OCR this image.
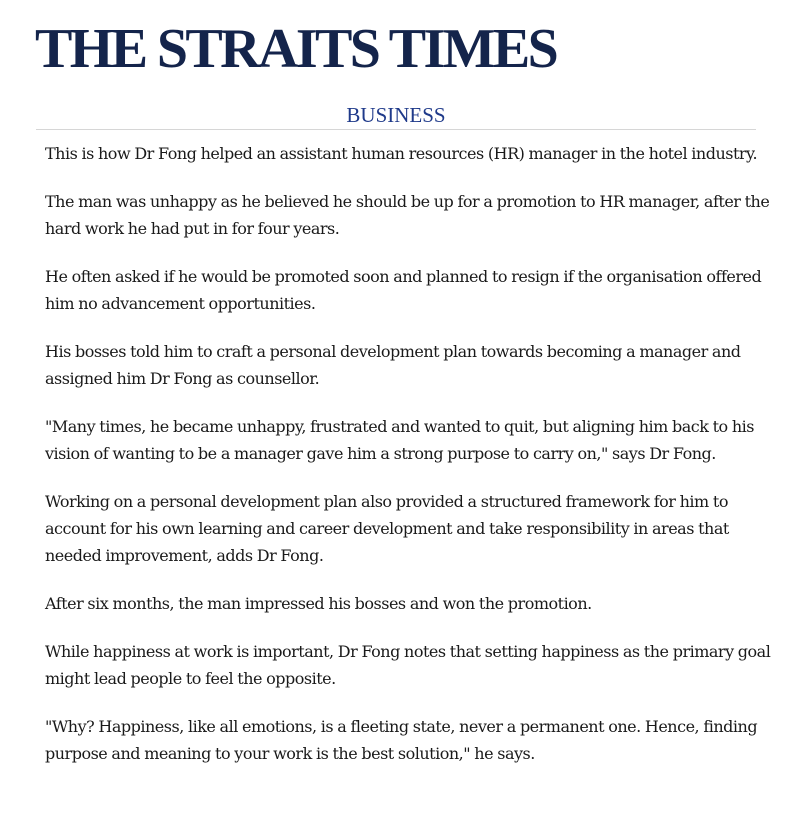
THE STRAITS TIMES
BUSINESS

This is how Dr Fong helped an assistant human resources (HR) manager in the hotel industry.

The man was unhappy as he believed he should be up for a promotion to HR manager, after the hard work he had put in for four years.

He often asked if he would be promoted soon and planned to resign if the organisation offered him no advancement opportunities.

His bosses told him to craft a personal development plan towards becoming a manager and assigned him Dr Fong as counsellor.

"Many times, he became unhappy, frustrated and wanted to quit, but aligning him back to his vision of wanting to be a manager gave him a strong purpose to carry on," says Dr Fong.

Working on a personal development plan also provided a structured framework for him to account for his own learning and career development and take responsibility in areas that needed improvement, adds Dr Fong.

After six months, the man impressed his bosses and won the promotion.

While happiness at work is important, Dr Fong notes that setting happiness as the primary goal might lead people to feel the opposite.

"Why? Happiness, like all emotions, is a fleeting state, never a permanent one. Hence, finding purpose and meaning to your work is the best solution," he says.
